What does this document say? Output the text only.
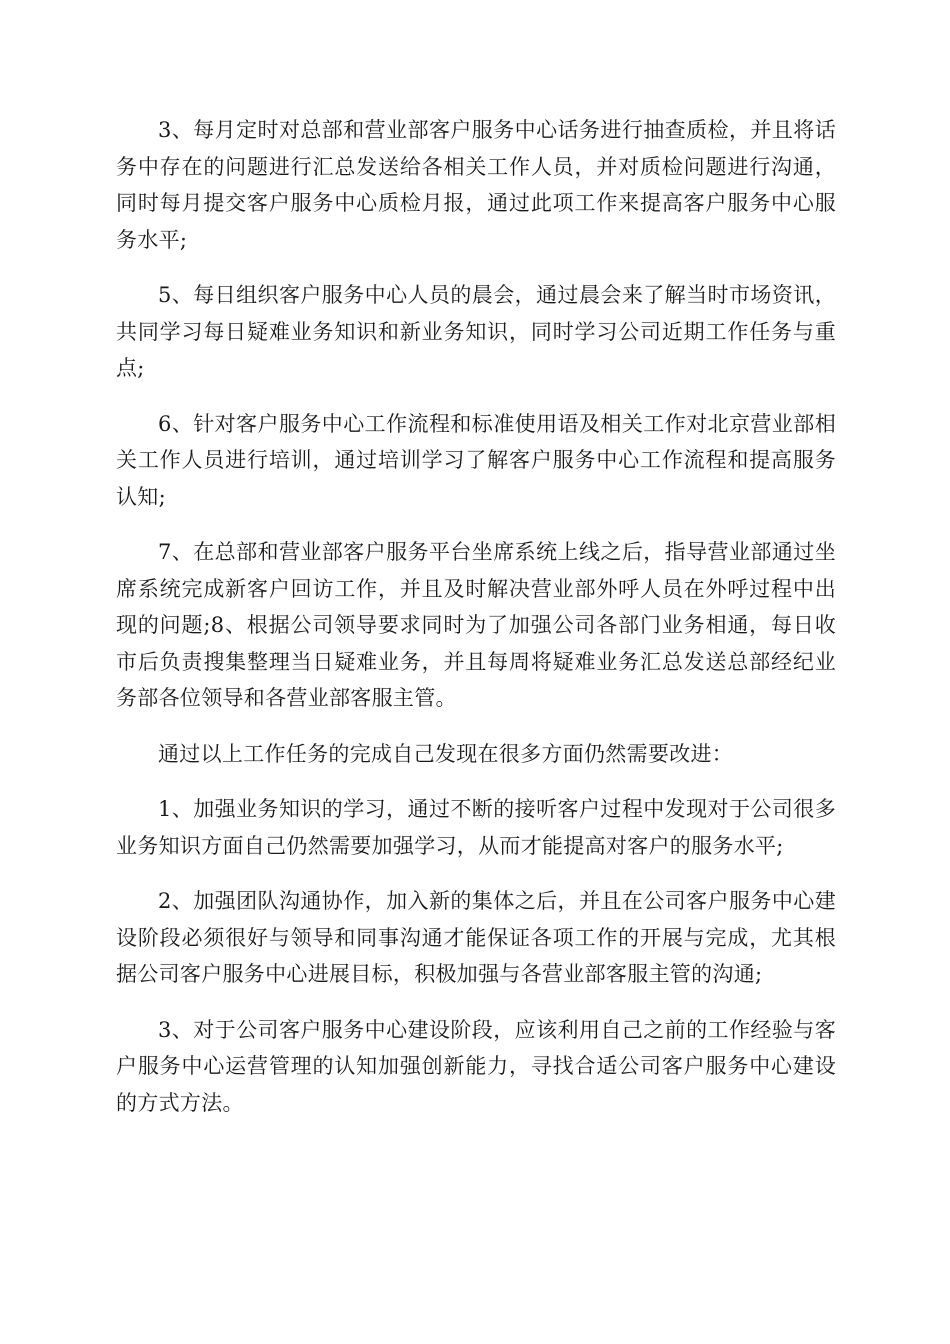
3、每月定时对总部和营业部客户服务中心话务进行抽查质检，并且将话务中存在的问题进行汇总发送给各相关工作人员，并对质检问题进行沟通，同时每月提交客户服务中心质检月报，通过此项工作来提高客户服务中心服务水平;

5、每日组织客户服务中心人员的晨会，通过晨会来了解当时市场资讯，共同学习每日疑难业务知识和新业务知识，同时学习公司近期工作任务与重点;

6、针对客户服务中心工作流程和标准使用语及相关工作对北京营业部相关工作人员进行培训，通过培训学习了解客户服务中心工作流程和提高服务认知;

7、在总部和营业部客户服务平台坐席系统上线之后，指导营业部通过坐席系统完成新客户回访工作，并且及时解决营业部外呼人员在外呼过程中出现的问题;8、根据公司领导要求同时为了加强公司各部门业务相通，每日收市后负责搜集整理当日疑难业务，并且每周将疑难业务汇总发送总部经纪业务部各位领导和各营业部客服主管。

通过以上工作任务的完成自己发现在很多方面仍然需要改进：

1、加强业务知识的学习，通过不断的接听客户过程中发现对于公司很多业务知识方面自己仍然需要加强学习，从而才能提高对客户的服务水平;

2、加强团队沟通协作，加入新的集体之后，并且在公司客户服务中心建设阶段必须很好与领导和同事沟通才能保证各项工作的开展与完成，尤其根据公司客户服务中心进展目标，积极加强与各营业部客服主管的沟通;

3、对于公司客户服务中心建设阶段，应该利用自己之前的工作经验与客户服务中心运营管理的认知加强创新能力，寻找合适公司客户服务中心建设的方式方法。
